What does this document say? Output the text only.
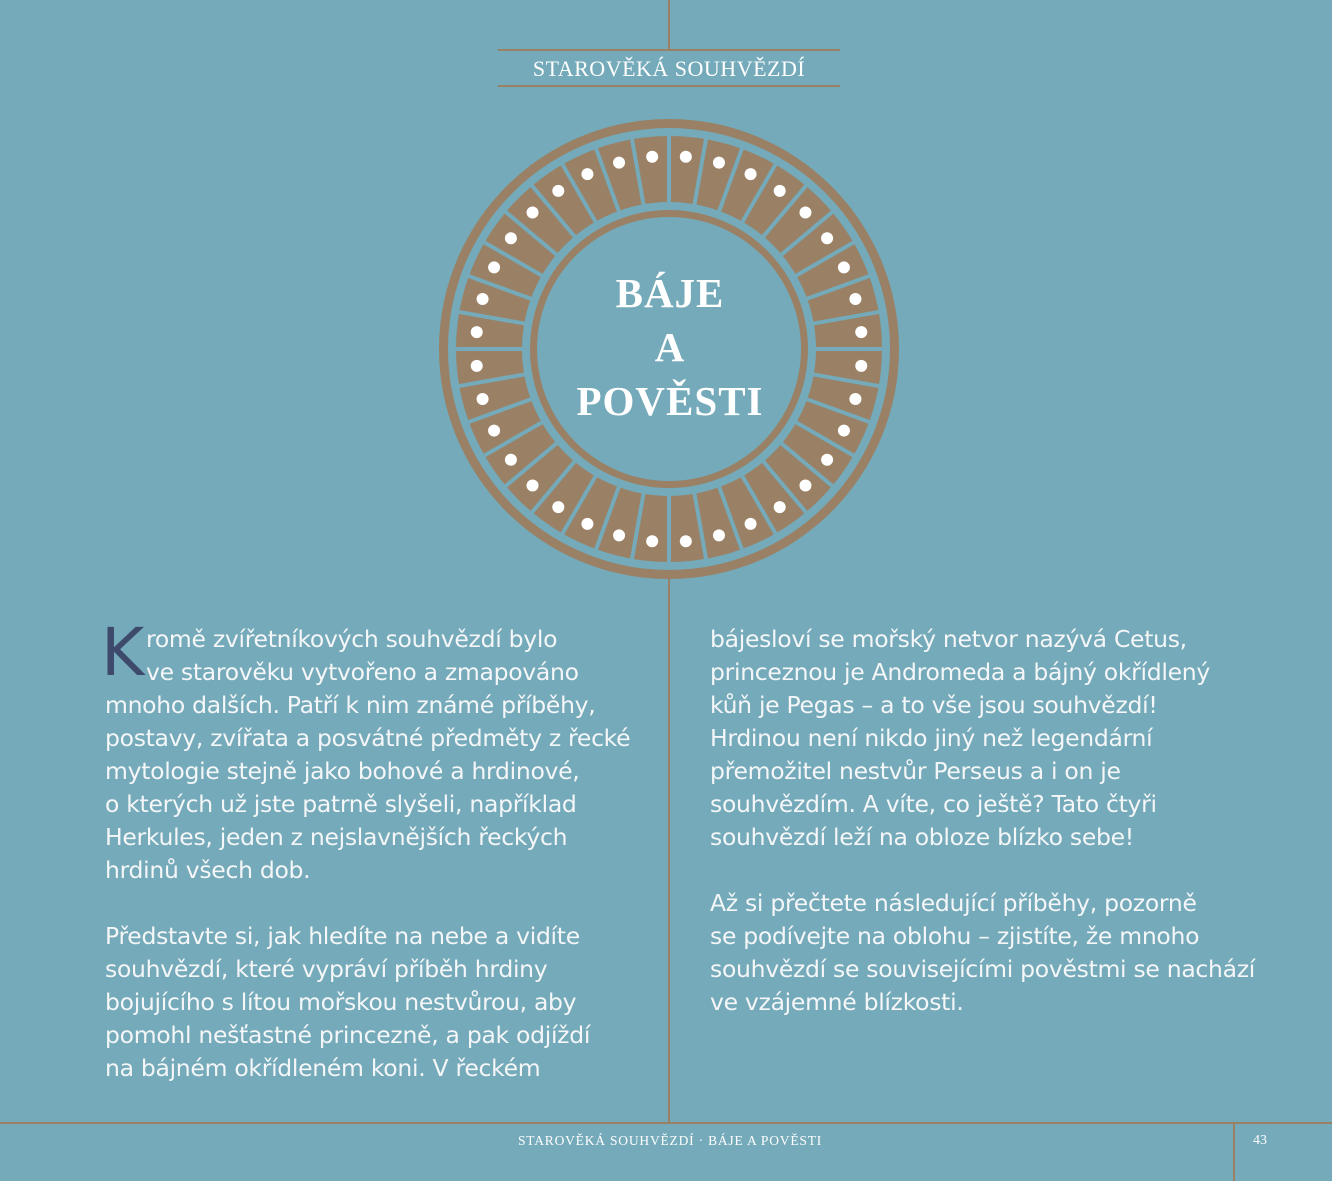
STAROVĚKÁ SOUHVĚZDÍ
BÁJE
A
POVĚSTI

Kromě zvířetníkových souhvězdí bylo
ve starověku vytvořeno a zmapováno
mnoho dalších. Patří k nim známé příběhy,
postavy, zvířata a posvátné předměty z řecké
mytologie stejně jako bohové a hrdinové,
o kterých už jste patrně slyšeli, například
Herkules, jeden z nejslavnějších řeckých
hrdinů všech dob.

Představte si, jak hledíte na nebe a vidíte
souhvězdí, které vypráví příběh hrdiny
bojujícího s lítou mořskou nestvůrou, aby
pomohl nešťastné princezně, a pak odjíždí
na bájném okřídleném koni. V řeckém

bájesloví se mořský netvor nazývá Cetus,
princeznou je Andromeda a bájný okřídlený
kůň je Pegas – a to vše jsou souhvězdí!
Hrdinou není nikdo jiný než legendární
přemožitel nestvůr Perseus a i on je
souhvězdím. A víte, co ještě? Tato čtyři
souhvězdí leží na obloze blízko sebe!

Až si přečtete následující příběhy, pozorně
se podívejte na oblohu – zjistíte, že mnoho
souhvězdí se souvisejícími pověstmi se nachází
ve vzájemné blízkosti.

STAROVĚKÁ SOUHVĚZDÍ · BÁJE A POVĚSTI	43
